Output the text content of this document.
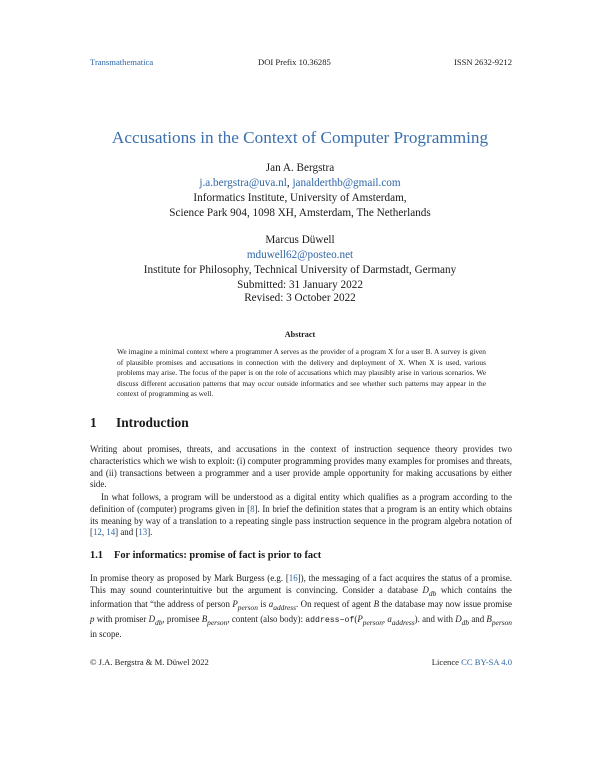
Transmathematica	DOI Prefix 10.36285	ISSN 2632-9212
Accusations in the Context of Computer Programming
Jan A. Bergstra
j.a.bergstra@uva.nl, janalderthb@gmail.com
Informatics Institute, University of Amsterdam,
Science Park 904, 1098 XH, Amsterdam, The Netherlands
Marcus Düwell
mduwell62@posteo.net
Institute for Philosophy, Technical University of Darmstadt, Germany
Submitted: 31 January 2022
Revised: 3 October 2022
Abstract
We imagine a minimal context where a programmer A serves as the provider of a program X for a user B. A survey is given of plausible promises and accusations in connection with the delivery and deployment of X. When X is used, various problems may arise. The focus of the paper is on the role of accusations which may plausibly arise in various scenarios. We discuss different accusation patterns that may occur outside informatics and see whether such patterns may appear in the context of programming as well.
1 Introduction
Writing about promises, threats, and accusations in the context of instruction sequence theory provides two characteristics which we wish to exploit: (i) computer programming provides many examples for promises and threats, and (ii) transactions between a programmer and a user provide ample opportunity for making accusations by either side.
In what follows, a program will be understood as a digital entity which qualifies as a program according to the definition of (computer) programs given in [8]. In brief the definition states that a program is an entity which obtains its meaning by way of a translation to a repeating single pass instruction sequence in the program algebra notation of [12, 14] and [13].
1.1 For informatics: promise of fact is prior to fact
In promise theory as proposed by Mark Burgess (e.g. [16]), the messaging of a fact acquires the status of a promise. This may sound counterintuitive but the argument is convincing. Consider a database $D_{db}$ which contains the information that “the address of person $P_{person}$ is $a_{address}$. On request of agent B the database may now issue promise p with promiser $D_{db}$, promisee $B_{person}$, content (also body): $address-of(P_{person}$, $a_{address}$). and with $D_{db}$ and $B_{person}$ in scope.
© J.A. Bergstra & M. Düwel 2022	Licence CC BY-SA 4.0
